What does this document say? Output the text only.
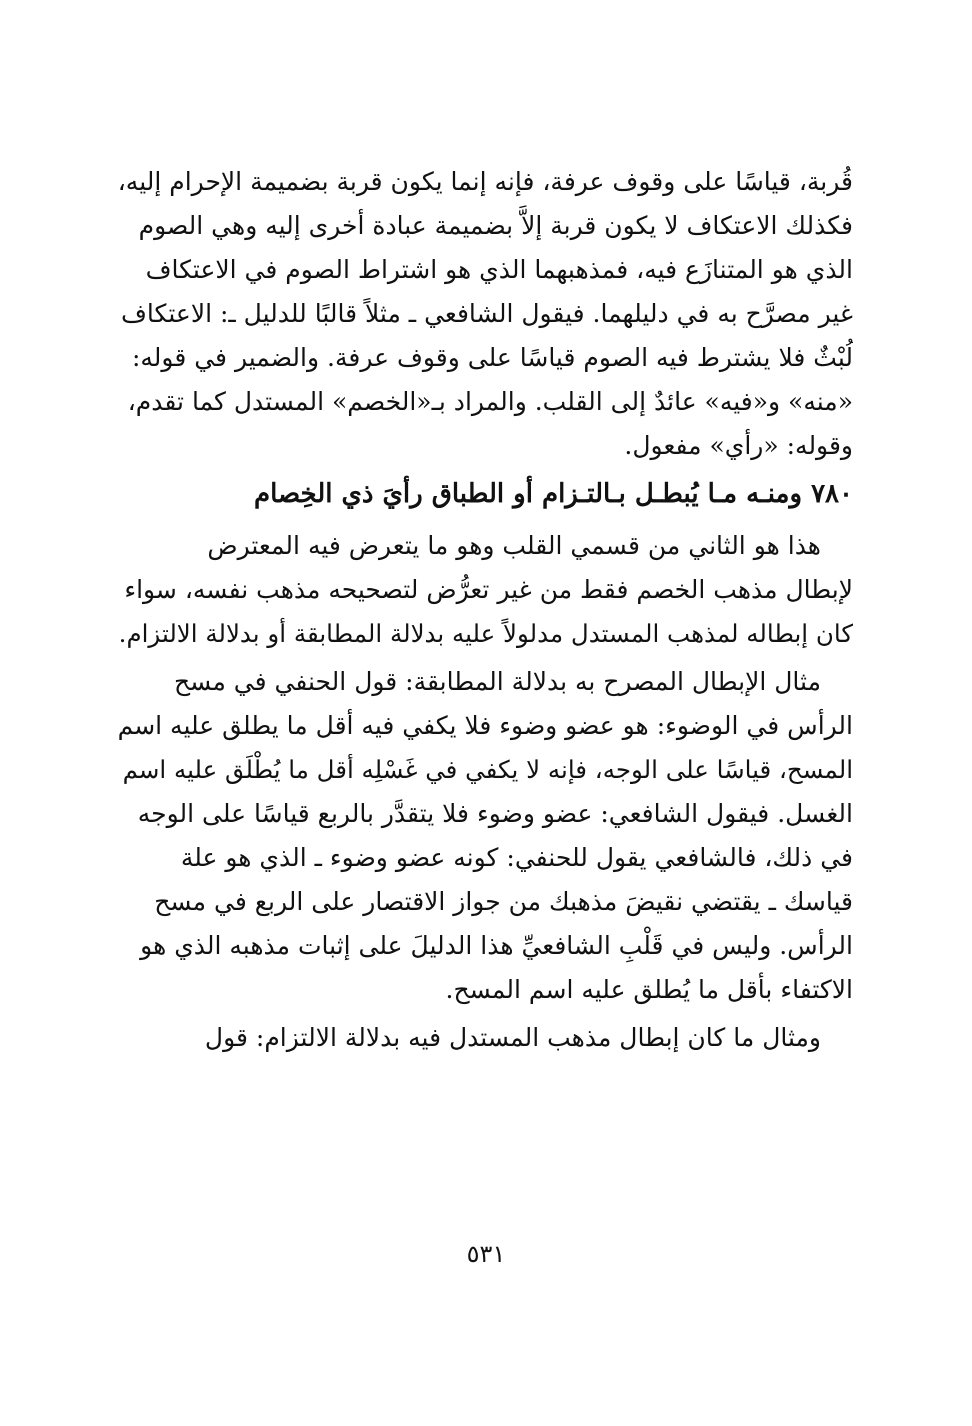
قُربة، قياسًا على وقوف عرفة، فإنه إنما يكون قربة بضميمة الإحرام إليه،
فكذلك الاعتكاف لا يكون قربة إلاَّ بضميمة عبادة أخرى إليه وهي الصوم
الذي هو المتنازَع فيه، فمذهبهما الذي هو اشتراط الصوم في الاعتكاف
غير مصرَّح به في دليلهما. فيقول الشافعي ـ مثلاً قالبًا للدليل ـ: الاعتكاف
لُبْثٌ فلا يشترط فيه الصوم قياسًا على وقوف عرفة. والضمير في قوله:
«منه» و«فيه» عائدٌ إلى القلب. والمراد بـ«الخصم» المستدل كما تقدم،
وقوله: «رأي» مفعول.
٧٨٠ ومنـه مـا يُبطـل بـالتـزام أو الطباق رأيَ ذي الخِصام
هذا هو الثاني من قسمي القلب وهو ما يتعرض فيه المعترض
لإبطال مذهب الخصم فقط من غير تعرُّض لتصحيحه مذهب نفسه، سواء
كان إبطاله لمذهب المستدل مدلولاً عليه بدلالة المطابقة أو بدلالة الالتزام.
مثال الإبطال المصرح به بدلالة المطابقة: قول الحنفي في مسح
الرأس في الوضوء: هو عضو وضوء فلا يكفي فيه أقل ما يطلق عليه اسم
المسح، قياسًا على الوجه، فإنه لا يكفي في غَسْلِه أقل ما يُطْلَق عليه اسم
الغسل. فيقول الشافعي: عضو وضوء فلا يتقدَّر بالربع قياسًا على الوجه
في ذلك، فالشافعي يقول للحنفي: كونه عضو وضوء ـ الذي هو علة
قياسك ـ يقتضي نقيضَ مذهبك من جواز الاقتصار على الربع في مسح
الرأس. وليس في قَلْبِ الشافعيِّ هذا الدليلَ على إثبات مذهبه الذي هو
الاكتفاء بأقل ما يُطلق عليه اسم المسح.
ومثال ما كان إبطال مذهب المستدل فيه بدلالة الالتزام: قول
٥٣١
